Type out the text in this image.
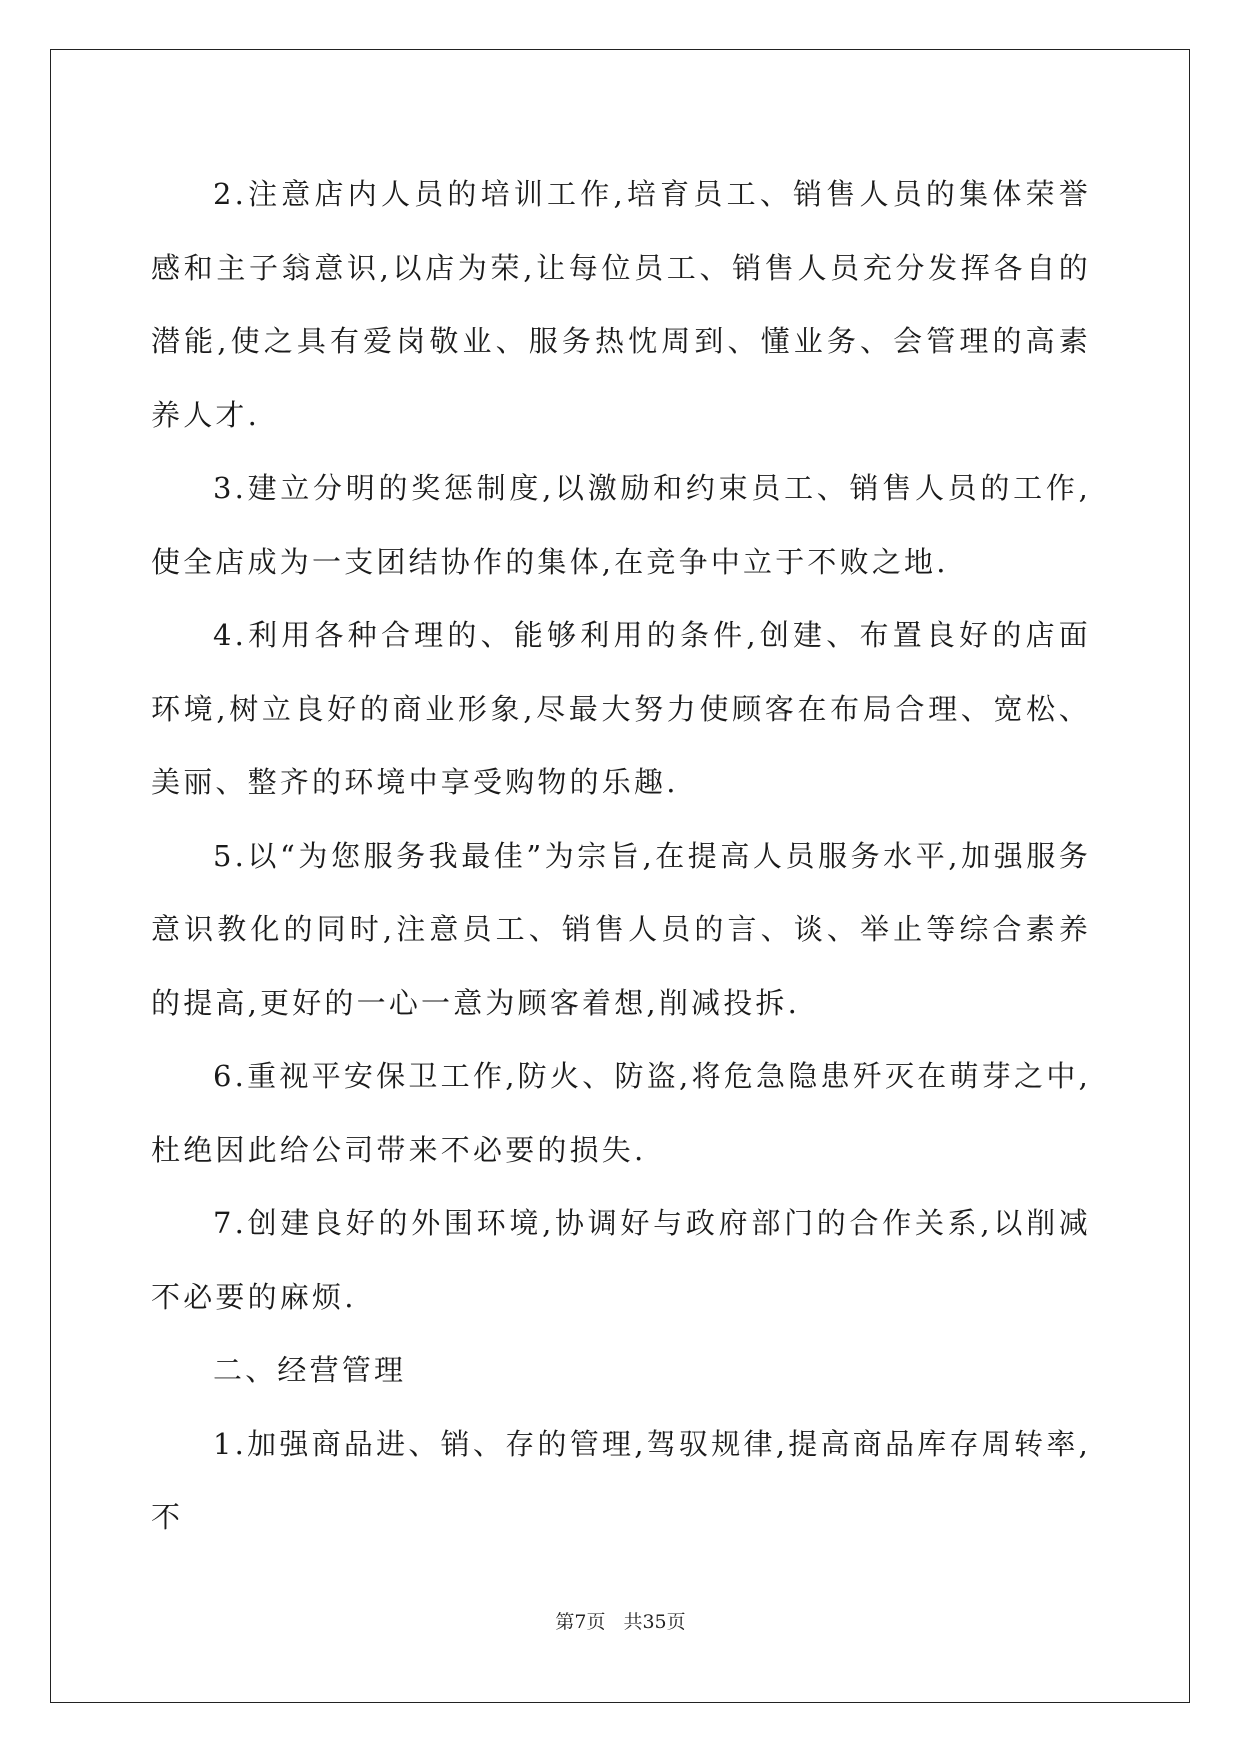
2.注意店内人员的培训工作,培育员工、销售人员的集体荣誉感和主子翁意识,以店为荣,让每位员工、销售人员充分发挥各自的潜能,使之具有爱岗敬业、服务热忱周到、懂业务、会管理的高素养人才.

3.建立分明的奖惩制度,以激励和约束员工、销售人员的工作,使全店成为一支团结协作的集体,在竞争中立于不败之地.

4.利用各种合理的、能够利用的条件,创建、布置良好的店面环境,树立良好的商业形象,尽最大努力使顾客在布局合理、宽松、美丽、整齐的环境中享受购物的乐趣.

5.以“为您服务我最佳”为宗旨,在提高人员服务水平,加强服务意识教化的同时,注意员工、销售人员的言、谈、举止等综合素养的提高,更好的一心一意为顾客着想,削减投拆.

6.重视平安保卫工作,防火、防盗,将危急隐患歼灭在萌芽之中,杜绝因此给公司带来不必要的损失.

7.创建良好的外围环境,协调好与政府部门的合作关系,以削减不必要的麻烦.

二、经营管理

1.加强商品进、销、存的管理,驾驭规律,提高商品库存周转率,不

第7页 共35页
